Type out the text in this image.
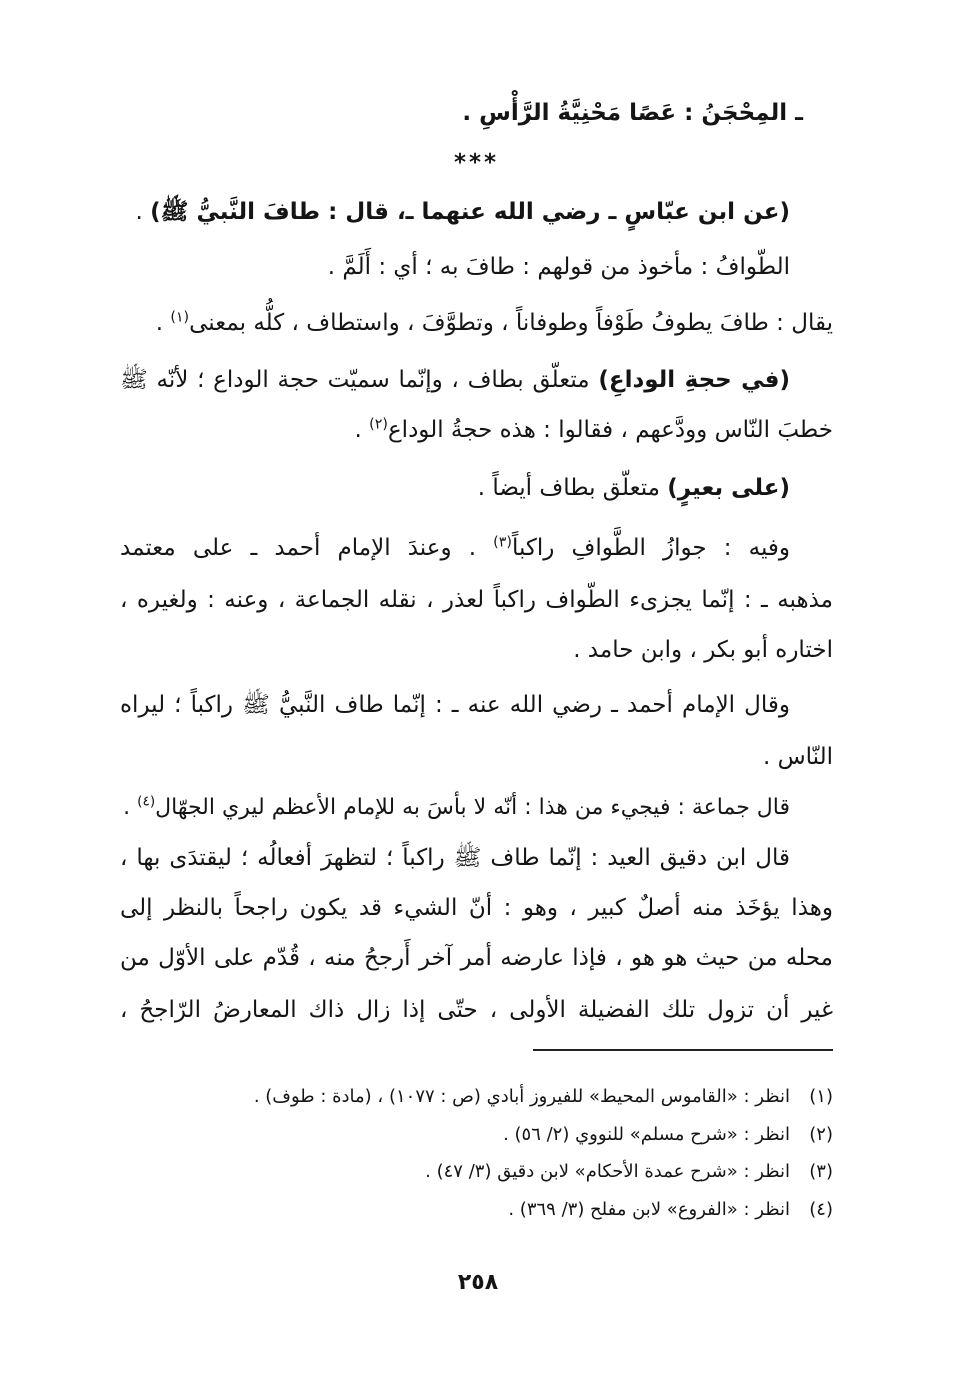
ـ المِحْجَنُ : عَصًا مَحْنِيَّةُ الرَّأْسِ .
***
(عن ابن عبّاسٍ ـ رضي الله عنهما ـ، قال : طافَ النَّبيُّ ﷺ) .
الطّوافُ : مأخوذ من قولهم : طافَ به ؛ أي : أَلَمَّ .
يقال : طافَ يطوفُ طَوْفاً وطوفاناً ، وتطوَّفَ ، واستطاف ، كلُّه بمعنى$^{(١)}$ .
(في حجةِ الوداعِ) متعلّق بطاف ، وإنّما سميّت حجة الوداع ؛ لأنّه ﷺ
خطبَ النّاس وودَّعهم ، فقالوا : هذه حجةُ الوداع$^{(٢)}$ .
(على بعيرٍ) متعلّق بطاف أيضاً .
وفيه : جوازُ الطَّوافِ راكباً$^{(٣)}$ . وعندَ الإمام أحمد ـ على معتمد
مذهبه ـ : إنّما يجزىء الطّواف راكباً لعذر ، نقله الجماعة ، وعنه : ولغيره ،
اختاره أبو بكر ، وابن حامد .
وقال الإمام أحمد ـ رضي الله عنه ـ : إنّما طاف النَّبيُّ ﷺ راكباً ؛ ليراه
النّاس .
قال جماعة : فيجيء من هذا : أنّه لا بأسَ به للإمام الأعظم ليري الجهّال$^{(٤)}$ .
قال ابن دقيق العيد : إنّما طاف ﷺ راكباً ؛ لتظهرَ أفعالُه ؛ ليقتدَى بها ،
وهذا يؤخَذ منه أصلٌ كبير ، وهو : أنّ الشيء قد يكون راجحاً بالنظر إلى
محله من حيث هو هو ، فإذا عارضه أمر آخر أَرجحُ منه ، قُدّم على الأوّل من
غير أن تزول تلك الفضيلة الأولى ، حتّى إذا زال ذاك المعارضُ الرّاجحُ ،
(١)
انظر : «القاموس المحيط» للفيروز أبادي (ص : ١٠٧٧) ، (مادة : طوف) .
(٢)
انظر : «شرح مسلم» للنووي (٢/ ٥٦) .
(٣)
انظر : «شرح عمدة الأحكام» لابن دقيق (٣/ ٤٧) .
(٤)
انظر : «الفروع» لابن مفلح (٣/ ٣٦٩) .
٢٥٨
